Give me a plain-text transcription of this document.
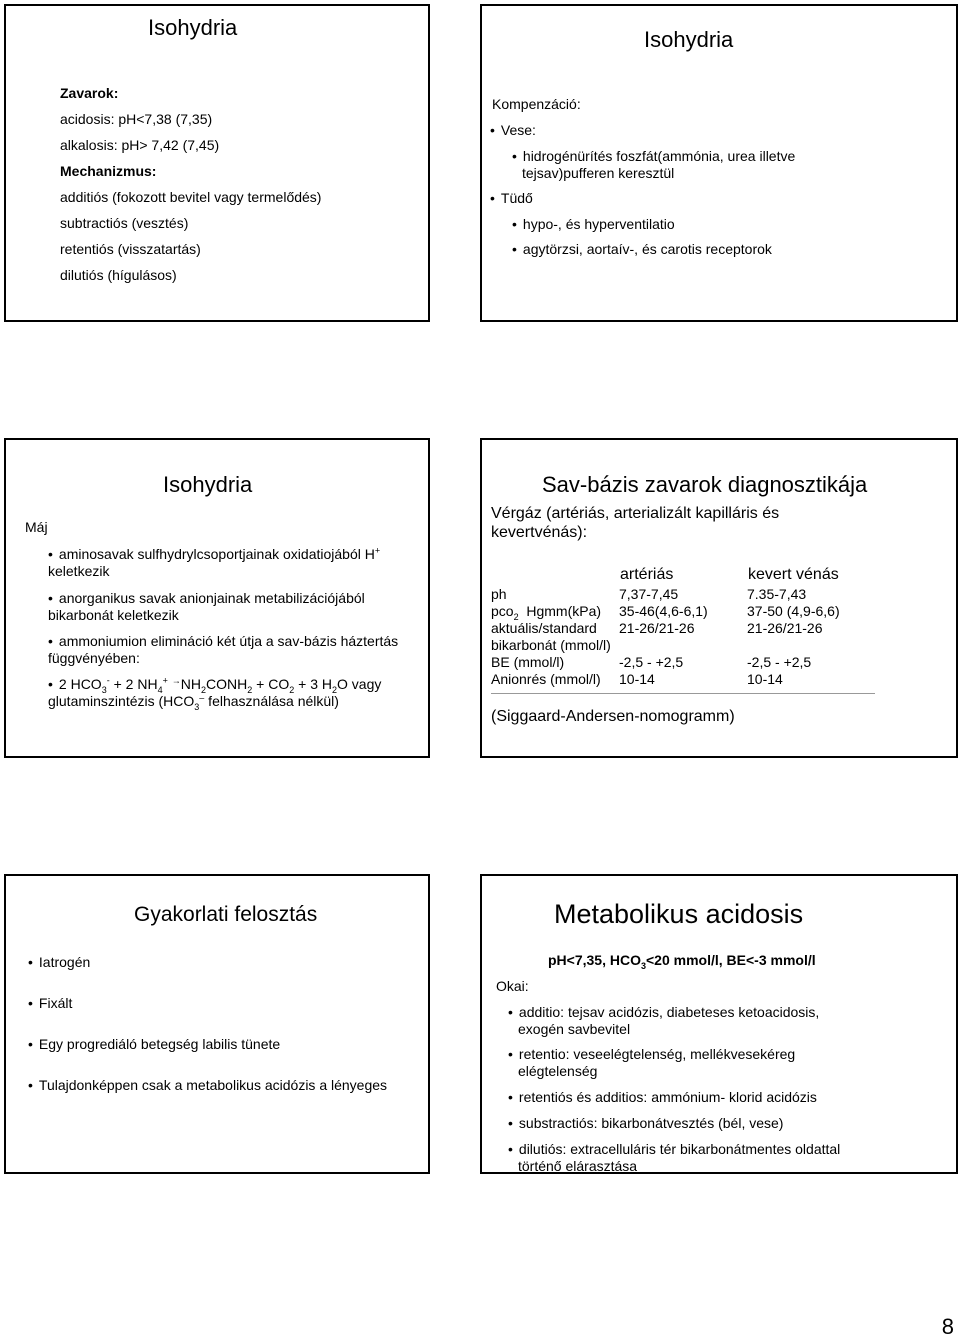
Isohydria
Zavarok:
acidosis: pH<7,38 (7,35)
alkalosis: pH> 7,42 (7,45)
Mechanizmus:
additiós (fokozott bevitel vagy termelődés)
subtractiós (vesztés)
retentiós (visszatartás)
dilutiós (hígulásos)
Isohydria
Kompenzáció:
• Vese:
• hidrogénürítés foszfát(ammónia, urea illetve
tejsav)pufferen keresztül
• Tüdő
• hypo-, és hyperventilatio
• agytörzsi, aortaív-, és carotis receptorok
Isohydria
Máj
• aminosavak sulfhydrylcsoportjainak oxidatiojából H+
keletkezik
• anorganikus savak anionjainak metabilizációjából
bikarbonát keletkezik
• ammoniumion elimináció két útja a sav-bázis háztertás
függvényében:
• 2 $HCO_3^- + 2$ $NH_4^+$ $^\to NH_2CONH_2 + CO_2 + 3$ $H_2O$ vagy
glutaminszintézis ($HCO_3^-$ felhasználása nélkül)
Sav-bázis zavarok diagnosztikája
Vérgáz (artériás, arterializált kapilláris és
kevertvénás):
artériás	kevert vénás
ph	7,37-7,45	7.35-7,43
pco$_2$  Hgmm(kPa)	35-46(4,6-6,1)	37-50 (4,9-6,6)
aktuális/standard	21-26/21-26	21-26/21-26
bikarbonát (mmol/l)		
BE (mmol/l)	-2,5 - +2,5	-2,5 - +2,5
Anionrés (mmol/l)	10-14	10-14
(Siggaard-Andersen-nomogramm)
Gyakorlati felosztás
• Iatrogén
• Fixált
• Egy progrediáló betegség labilis tünete
• Tulajdonképpen csak a metabolikus acidózis a lényeges
Metabolikus acidosis
pH<7,35, $HCO_3<20$ mmol/l, BE<-3 mmol/l
Okai:
• additio: tejsav acidózis, diabeteses ketoacidosis,
exogén savbevitel
• retentio: veseelégtelenség, mellékvesekéreg
elégtelenség
• retentiós és additios: ammónium- klorid acidózis
• substractiós: bikarbonátvesztés (bél, vese)
• dilutiós: extracelluláris tér bikarbonátmentes oldattal
történő elárasztása
8
